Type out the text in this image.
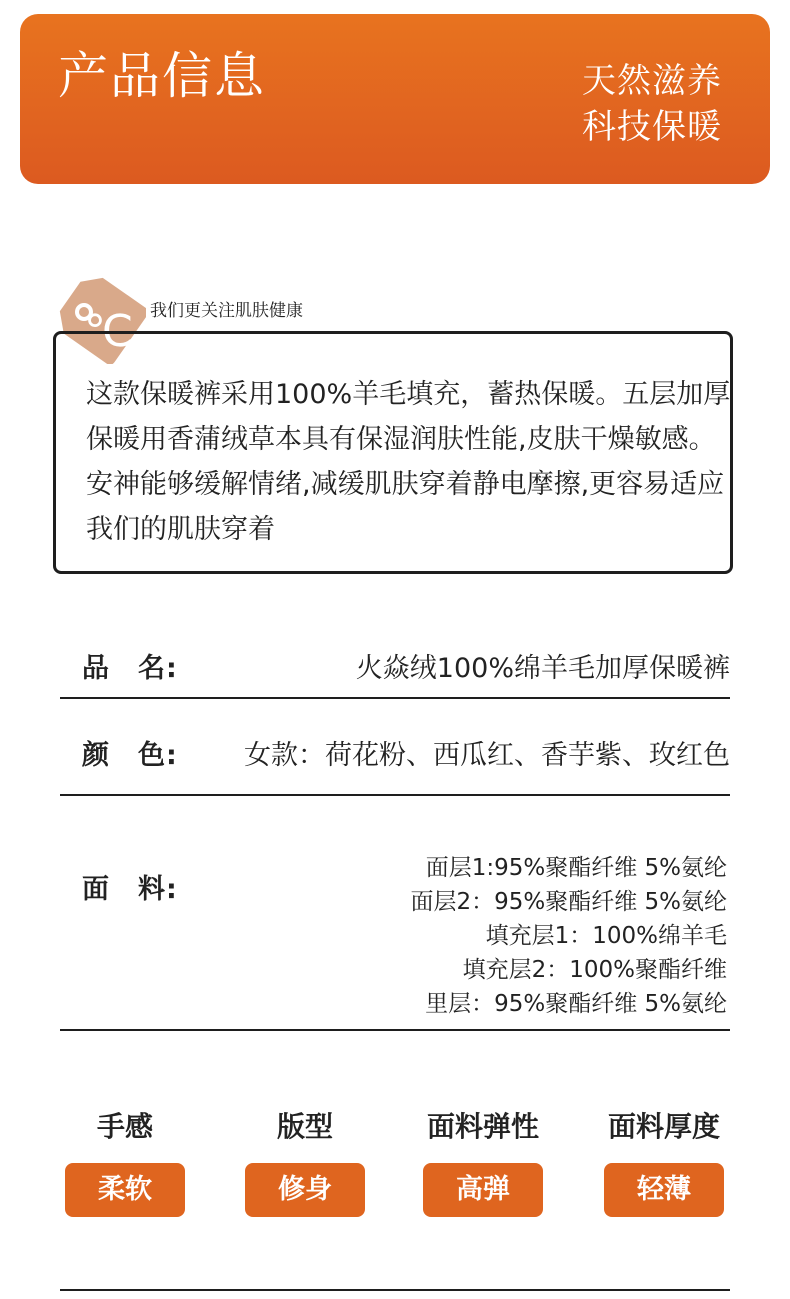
产品信息	天然滋养
科技保暖
℃ 我们更关注肌肤健康
这款保暖裤采用100%羊毛填充，蓄热保暖。五层加厚保暖用香蒲绒草本具有保湿润肤性能,皮肤干燥敏感。安神能够缓解情绪,减缓肌肤穿着静电摩擦,更容易适应我们的肌肤穿着
品　名:	火焱绒100%绵羊毛加厚保暖裤
颜　色: 女款：荷花粉、西瓜红、香芋紫、玫红色
面　料:
面层1:95%聚酯纤维 5%氨纶
面层2：95%聚酯纤维 5%氨纶
填充层1：100%绵羊毛
填充层2：100%聚酯纤维
里层：95%聚酯纤维 5%氨纶
手感
柔软
版型
修身
面料弹性
高弹
面料厚度
轻薄
